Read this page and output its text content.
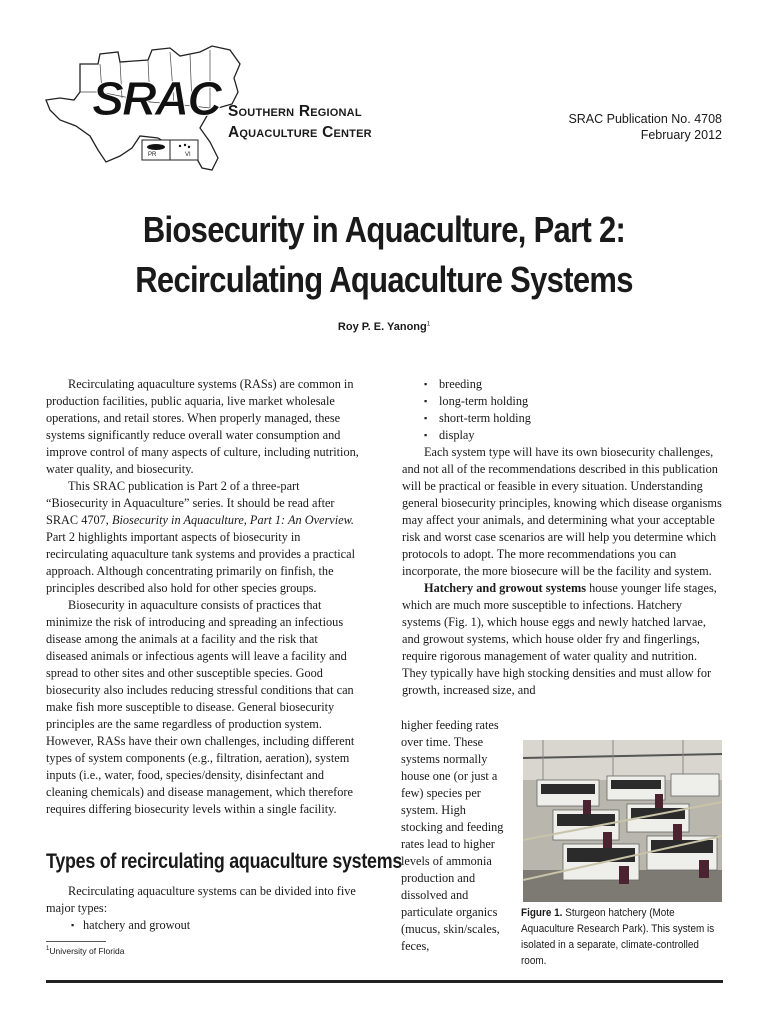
SRAC
PR	VI
Southern Regional
Aquaculture Center
SRAC Publication No. 4708
February 2012
Biosecurity in Aquaculture, Part 2:
Recirculating Aquaculture Systems
Roy P. E. Yanong$^1$

Recirculating aquaculture systems (RASs) are common in production facilities, public aquaria, live market wholesale operations, and retail stores. When properly managed, these systems significantly reduce overall water consumption and improve control of many aspects of culture, including nutrition, water quality, and biosecurity.

This SRAC publication is Part 2 of a three-part “Biosecurity in Aquaculture” series. It should be read after SRAC 4707, Biosecurity in Aquaculture, Part 1: An Overview. Part 2 highlights important aspects of biosecurity in recirculating aquaculture tank systems and provides a practical approach. Although concentrating primarily on finfish, the principles described also hold for other species groups.

Biosecurity in aquaculture consists of practices that minimize the risk of introducing and spreading an infectious disease among the animals at a facility and the risk that diseased animals or infectious agents will leave a facility and spread to other sites and other susceptible species. Good biosecurity also includes reducing stressful conditions that can make fish more susceptible to disease. General biosecurity principles are the same regardless of production system. However, RASs have their own challenges, including different types of system components (e.g., filtration, aeration), system inputs (i.e., water, food, species/density, disinfectant and cleaning chemicals) and disease management, which therefore requires differing biosecurity levels within a single facility.

Types of recirculating aquaculture systems

Recirculating aquaculture systems can be divided into five major types:

▪ hatchery and growout
$^1$University of Florida
▪ breeding
▪ long-term holding
▪ short-term holding
▪ display

Each system type will have its own biosecurity challenges, and not all of the recommendations described in this publication will be practical or feasible in every situation. Understanding general biosecurity principles, knowing which disease organisms may affect your animals, and determining what your acceptable risk and worst case scenarios are will help you determine which protocols to adopt. The more recommendations you can incorporate, the more biosecure will be the facility and system.

Hatchery and growout systems house younger life stages, which are much more susceptible to infections. Hatchery systems (Fig. 1), which house eggs and newly hatched larvae, and growout systems, which house older fry and fingerlings, require rigorous management of water quality and nutrition. They typically have high stocking densities and must allow for growth, increased size, and

higher feeding rates over time. These systems normally house one (or just a few) species per system. High stocking and feeding rates lead to higher levels of ammonia production and dissolved and particulate organics (mucus, skin/scales, feces,

Figure 1. Sturgeon hatchery (Mote Aquaculture Research Park). This system is isolated in a separate, climate-controlled room.
